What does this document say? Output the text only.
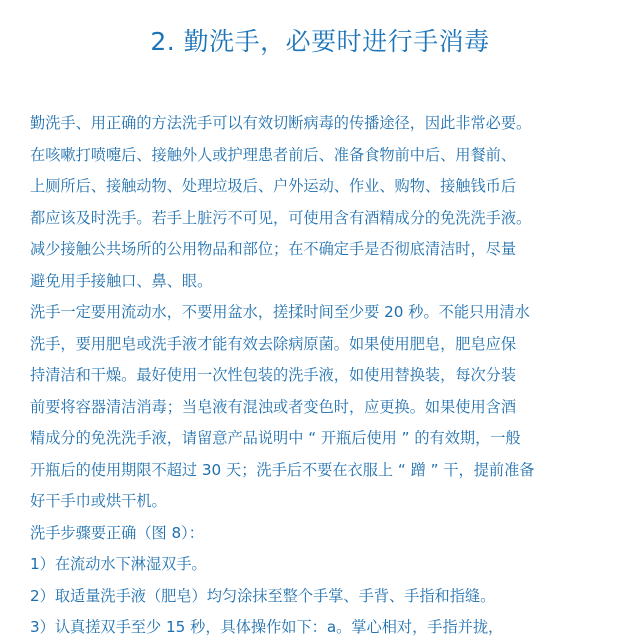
2. 勤洗手，必要时进行手消毒
勤洗手、用正确的方法洗手可以有效切断病毒的传播途径，因此非常必要。
在咳嗽打喷嚏后、接触外人或护理患者前后、准备食物前中后、用餐前、
上厕所后、接触动物、处理垃圾后、户外运动、作业、购物、接触钱币后
都应该及时洗手。若手上脏污不可见，可使用含有酒精成分的免洗洗手液。
减少接触公共场所的公用物品和部位；在不确定手是否彻底清洁时，尽量
避免用手接触口、鼻、眼。
洗手一定要用流动水，不要用盆水，搓揉时间至少要 20 秒。不能只用清水
洗手，要用肥皂或洗手液才能有效去除病原菌。如果使用肥皂，肥皂应保
持清洁和干燥。最好使用一次性包装的洗手液，如使用替换装，每次分装
前要将容器清洁消毒；当皂液有混浊或者变色时，应更换。如果使用含酒
精成分的免洗洗手液，请留意产品说明中 “ 开瓶后使用 ” 的有效期，一般
开瓶后的使用期限不超过 30 天；洗手后不要在衣服上 “ 蹭 ” 干，提前准备
好干手巾或烘干机。
洗手步骤要正确（图 8）：
1）在流动水下淋湿双手。
2）取适量洗手液（肥皂）均匀涂抹至整个手掌、手背、手指和指缝。
3）认真搓双手至少 15 秒，具体操作如下：a。掌心相对，手指并拢，
